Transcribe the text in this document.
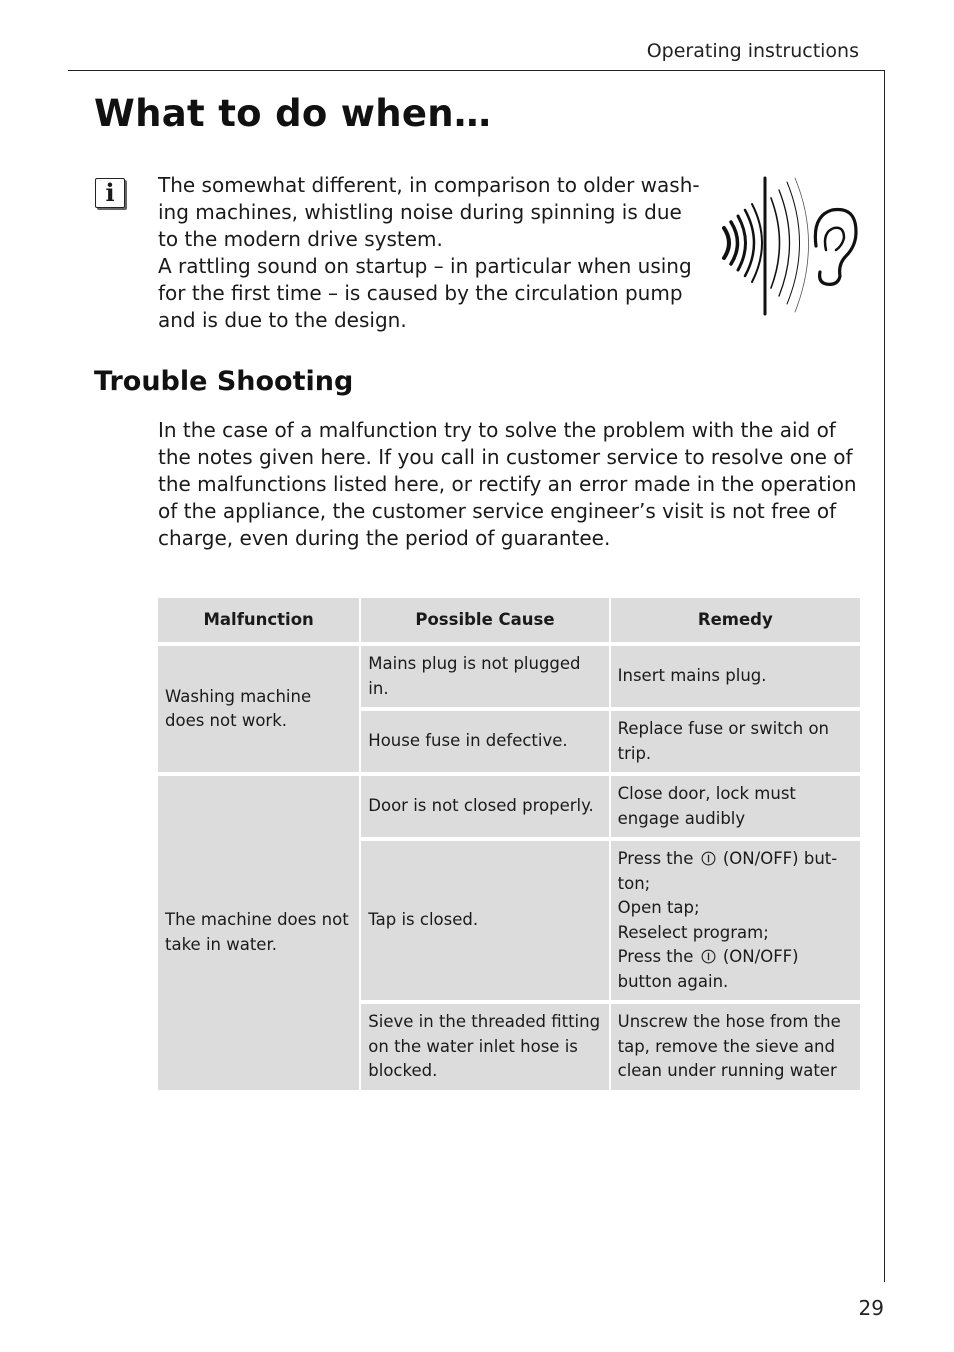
Operating instructions
What to do when…
i	The somewhat different, in comparison to older wash-ing machines, whistling noise during spinning is due to the modern drive system.

A rattling sound on startup – in particular when using for the first time – is caused by the circulation pump and is due to the design.

Trouble Shooting

In the case of a malfunction try to solve the problem with the aid of the notes given here. If you call in customer service to resolve one of the malfunctions listed here, or rectify an error made in the operation of the appliance, the customer service engineer’s visit is not free of charge, even during the period of guarantee.

Malfunction	Possible Cause	Remedy
Washing machine does not work.	Mains plug is not plugged in.	Insert mains plug.
	House fuse in defective.	Replace fuse or switch on trip.
The machine does not take in water.	Door is not closed properly.	Close door, lock must engage audibly
	Tap is closed.	Press the (ON/OFF) but-ton;
Open tap;
Reselect program;
Press the (ON/OFF) button again.
	Sieve in the threaded fitting on the water inlet hose is blocked.	Unscrew the hose from the tap, remove the sieve and clean under running water
29
